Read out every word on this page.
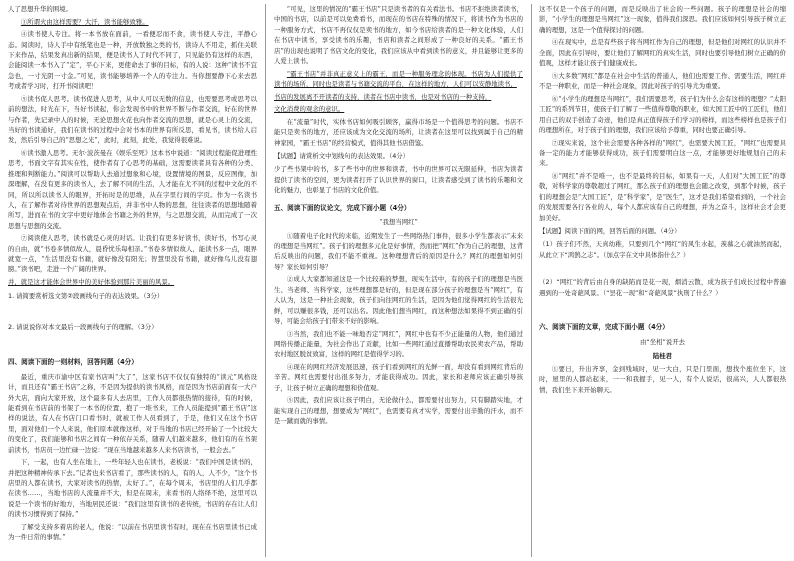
人了思想升华的围境。

③所谓火由这样需要？大汗，读书能够致雅。

④读书使人专注。将一本书放在面前，一看便忍而不食，读书使人专注，平静心态。阅读时，诗人手中有纸笔也是一种，开放数独之类的书，读诗人不用走，抓住关联下来作品，结果发真出新的结果，便是读书人了时代不同了，只见能仍有这样的东西，会能阅读一本书入了“定”，平心下来，更使命去了事的目标，有的人说：这种“读书不宜急也，一寸光阴一寸金。”可见，读书能够培养一个人的专注力。当你想要静下心来去思考或者学习时，打开书阅读吧！

⑤读书促人思考。读书促进人思考，从中人可以无数的信息，也需要思考或思考以前的想法，时光在下，当好书读起，你会发现书中的世界不断与作者交流，好在的世界与作者，先记录中人的时候，无论思想火花也向作者交流的思想，就是心灵上的交流，当好的书读通好，我们在读书的过程中会对书本的世界有所反思，看见书，读书给人启发，然后引导自己的“思想之光”，此时，此刻，此处，我觉得很难说。

⑥读书激人思考。无尔·波茨曼在《娱乐至死》这本书中说道：“阅读过程能促进理性思考，书面文字有其实在性，使作者有了心思考的基础，这需要读者具有各种的分类、推理和判断能力。”阅读可以帮助人去通过想象和心境，设置情境的图景，反应图像，加深理解，在没有更多的读书人，去了解不同的生活，人才能在尤不同的过程中文化的不同，所以所以读书人的眼界，开拓时是的思维，从在字里行间的字页。作为一名读书人，在了解作者对待世界的思想观点后，并非书中人物的思想，往往读者的思想地随着所写，进而在书的文字中更好地体会书籍之外的世界，与之思想交流，从而完成了一次思想与思想的交流。

⑦阅读使人思考，读书就是心灵的对话。让我们有更多好读书，读好书，书写心灵的自由，就“书卷多情似故人，晨昏忧乐每相亲。”书卷多情似故人，能读书多一点，眼界就宽一点，“生活里没有书籍，就好像没有阳光；智慧里没有书籍，就好像鸟儿没有翅膀。”读书吧，走进一个广阔的世界。

并，就是这才能体会世界中的美好体验到那片美丽的风景。

1. 请简要赏析选文第②段画线句子的表达效果。（3分）

2. 请说说你对本文最后一段画线句子的理解。（3分）

四、阅读下面的一则材料，回答问题（4分）

最近，重庆市渝中区有家书店叫“大了”，这家书店不仅仅有独特的“读元”风格设计，而且还有“霸王书店”之称，不是因为提供的读书风格，而是因为书店前面有一大户外大店，面向大家开放，这个最多有人去店里，工作人员都很热情的接待，有的时候，能看到在书店前的书架了一本书的位置，抱了一堆书来，工作人员能提到“霸王书店”这样的说法，有人在书店门口看书时，就被工作人员看到了，于是，他们又在这个书店里，面对他们一个人来说，他们原本就像这样，对于当地的书店已经开始了一个比较大的变化了，我们能够和书店之间有一种依存关系，随着人们越来越多，他们有的在书架前读书，书店员一边忙碌一边说：“现在当地越来越多人来书店读书，一般会去。”

下，一起，也有人坐在地上，一些年轻人也在读书，老板说：“我们中国是读书的，并把这种精神传承下去。”记者也来书店看了，那些读书的人，有的人，人不少，“这个书店里的人都在读书，大家对读书的热情，太好了。”，在每个周末，书店里的人们几乎都在读书……，当地书店的人流量并不大，但是在周末，来看书的人络绎不绝，这里可以说是一个读书的好地方，当地居民还说：“我们这里有读书的老传统，书店的存在让人们的读书习惯得到了保持。”

了解受支持多着店的老人，他说：“以前在书店里读书有时，现在在书店里读书已成为一件日常的事情。”

“可见，这里的情况的“霸王书店”只是读书者的有关看法书。书店不拒绝读者读书，中国的书店，以前是可以免费看书，而现在的书店在特殊的情况下，将读书作为书店的一种服务方式，书店不再仅仅是卖书的地方，如今书店给读者的是一种文化体验，人们在书店中读书，享受读书的乐趣，书店和读者之间形成了一种良好的关系。“霸王书店”的出现也说明了书店文化的变化，我们应该从中看到读书的意义，并且能够让更多的人爱上读书。

“霸王书店”并非真正意义上的霸王，而是一种服务理念的体现。书店为人们提供了读书的场所，同时也是读者与书籍交流的平台，在这样的地方，人们可以安静地读书，

书店的发展离不开读者的支持，读者在书店中读书，也是对书店的一种支持，

文化消费的观念的意识。

在“流量”时代，实体书店如何吸引顾客，赢得市场是一个值得思考的问题。书店不能只是卖书的地方，还应该成为文化交流的场所，让读者在这里可以找到属于自己的精神家园，“霸王书店”的经营模式，值得其他书店借鉴。

【试题】请赏析文中划线句的表达效果。（4分）

少了些书架中的书，多了些书中的世界和读者，书中的世界可以无限延伸，书店为读者提供了读书的空间，更为读者打开了认识世界的窗口，让读者感受到了读书的乐趣和文化的魅力，也彰显了书店的文化价值。

五、阅读下面的议论文，完成下面小题（4分）

“我想当网红”

①随着电子化时代的来临，近期发生了一些网络热门事件，很多小学生都表示“未来的理想是当网红”。孩子们的理想多元化是好事情，然而把“网红”作为自己的理想，这背后反映出的问题，我们不能不重视。这种理想背后的原因是什么？网红的理想如何引导？家长如何引导？

②成人大家都知道这是一个比较难的梦想，现实生活中，有的孩子们的理想是当医生、当老师、当科学家，这些理想都是好的，但是现在部分孩子的理想是当“网红”，有人认为，这是一种社会现象，孩子们向往网红的生活，是因为他们觉得网红的生活很光鲜，可以赚很多钱，还可以出名。因此他们想当网红，而这种想法如果得不到正确的引导，可能会给孩子们带来不好的影响。

③当然，我们也不能一味地否定“网红”，网红中也有不少正能量的人物，他们通过网络传播正能量，为社会作出了贡献，比如一些网红通过直播帮助农民卖农产品，帮助农村地区脱贫致富，这样的网红是值得学习的。

④现在的网红经济发展迅速，孩子们看到网红的光鲜一面，却没有看到网红背后的辛苦。网红也需要付出很多努力，才能获得成功。因此，家长和老师应该正确引导孩子，让孩子树立正确的理想和价值观。

⑤因此，我们应该让孩子明白，无论做什么，都需要付出努力，只有脚踏实地，才能实现自己的理想，想要成为“网红”，也需要有真才实学，需要付出辛勤的汗水，而不是一蹴而就的事情。

这不仅是一个孩子的问题，而是反映出了社会的一些问题。孩子的理想是社会的缩影，“小学生的理想是当网红”这一现象，值得我们深思。我们应该如何引导孩子树立正确的理想，这是一个值得探讨的问题。

④在现实中，总是有些孩子将当网红作为自己的理想，但是他们对网红的认识并不全面，因此在引导时，要让他们了解网红的真实生活，同时也要引导他们树立正确的价值观，这样才能让孩子们健康成长。

⑤大多数“网红”都是在社会中生活的普通人，他们也需要工作、需要生活，网红并不是一种职业，而是一种社会现象，因此对孩子的引导尤为重要。

⑥“小学生的理想是当网红”，我们需要思考，孩子们为什么会有这样的理想？“太阳工匠”的系列节目，使孩子们了解了一些值得尊敬的职业，如大国工匠中的工匠们，他们用自己的双手创造了奇迹，他们是真正值得孩子们学习的榜样，而这些榜样也是孩子们的理想所在，对于孩子们的理想，我们应该给予尊重，同时也要正确引导。

⑦现实来说，这个社会需要各种各样的“网红”，也需要大国工匠，“网红”也需要具备一定的能力才能够获得成功，孩子们需要明白这一点，才能够更好地规划自己的未来。

⑧“网红”并不是唯一，也不是最终的目标，如果有一天，人们对“大国工匠”的尊敬，对科学家的尊敬超过了网红，那么孩子们的理想也会随之改变，到那个时候，孩子们的理想会是“大国工匠”，是“科学家”，是“医生”，这才是我们希望看到的，一个社会的发展需要各行各业的人，每个人都应该有自己的理想，并为之奋斗，这样社会才会更加美好。

【试题】阅读下面的网，回答后面的问题。（4分）

（1）孩子们不然，天真幼稚，只要到几个“网红”的风生水起，羡慕之心就油然而起，从此立下“鸿鹄之志”。（加点字在文中具体指什么？）

（2）“网红”的背后由自身的缺陷而是花一现，烟消云散，成为孩子们成长过程中普遍遇到的一处奇葩风景。（“昙花一现”和“奇葩风景”执刑了什么？）

六、阅读下面的文章，完成下面小题（4分）

由“坐相”说开去

陆桂君

①要日，升出齐享，金到残域时，见一大白，只是门里面，想找个座位坐下，这时，屋里的人都站起来，一一和我握手，见一人，有个人说话，很高兴，人人都很热情，我们坐下来开始聊天。
